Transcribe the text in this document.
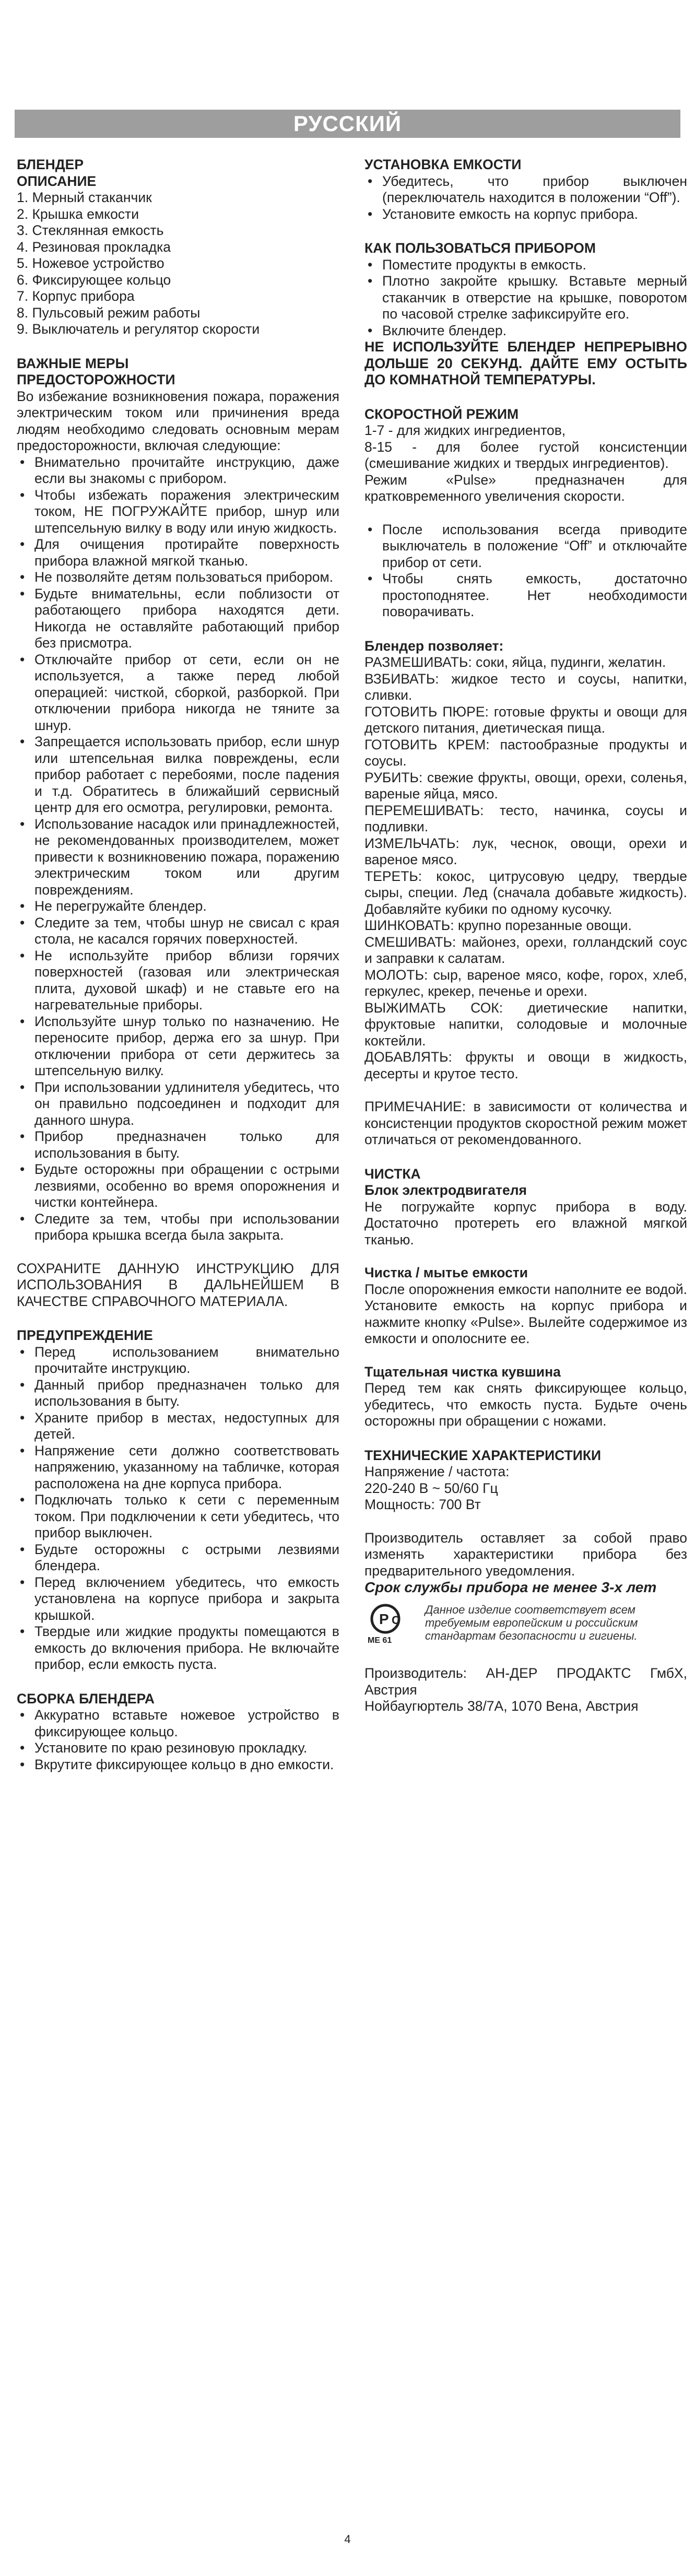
РУССКИЙ

БЛЕНДЕР

ОПИСАНИЕ

1. Мерный стаканчик
2. Крышка емкости
3. Стеклянная емкость
4. Резиновая прокладка
5. Ножевое устройство
6. Фиксирующее кольцо
7. Корпус прибора
8. Пульсовый режим работы
9. Выключатель и регулятор скорости

ВАЖНЫЕ МЕРЫ

ПРЕДОСТОРОЖНОСТИ

Во избежание возникновения пожара, поражения электрическим током или причинения вреда людям необходимо следовать основным мерам предосторожности, включая следующие:

• Внимательно прочитайте инструкцию, даже если вы знакомы с прибором.
• Чтобы избежать поражения электрическим током, НЕ ПОГРУЖАЙТЕ прибор, шнур или штепсельную вилку в воду или иную жидкость.
• Для очищения протирайте поверхность прибора влажной мягкой тканью.
• Не позволяйте детям пользоваться прибором.
• Будьте внимательны, если поблизости от работающего прибора находятся дети. Никогда не оставляйте работающий прибор без присмотра.
• Отключайте прибор от сети, если он не используется, а также перед любой операцией: чисткой, сборкой, разборкой. При отключении прибора никогда не тяните за шнур.
• Запрещается использовать прибор, если шнур или штепсельная вилка повреждены, если прибор работает с перебоями, после падения и т.д. Обратитесь в ближайший сервисный центр для его осмотра, регулировки, ремонта.
• Использование насадок или принадлежностей, не рекомендованных производителем, может привести к возникновению пожара, поражению электрическим током или другим повреждениям.
• Не перегружайте блендер.
• Следите за тем, чтобы шнур не свисал с края стола, не касался горячих поверхностей.
• Не используйте прибор вблизи горячих поверхностей (газовая или электрическая плита, духовой шкаф) и не ставьте его на нагревательные приборы.
• Используйте шнур только по назначению. Не переносите прибор, держа его за шнур. При отключении прибора от сети держитесь за штепсельную вилку.
• При использовании удлинителя убедитесь, что он правильно подсоединен и подходит для данного шнура.
• Прибор предназначен только для использования в быту.
• Будьте осторожны при обращении с острыми лезвиями, особенно во время опорожнения и чистки контейнера.
• Следите за тем, чтобы при использовании прибора крышка всегда была закрыта.

СОХРАНИТЕ ДАННУЮ ИНСТРУКЦИЮ ДЛЯ ИСПОЛЬЗОВАНИЯ В ДАЛЬНЕЙШЕМ В КАЧЕСТВЕ СПРАВОЧНОГО МАТЕРИАЛА.

ПРЕДУПРЕЖДЕНИЕ

• Перед использованием внимательно прочитайте инструкцию.
• Данный прибор предназначен только для использования в быту.
• Храните прибор в местах, недоступных для детей.
• Напряжение сети должно соответствовать напряжению, указанному на табличке, которая расположена на дне корпуса прибора.
• Подключать только к сети с переменным током. При подключении к сети убедитесь, что прибор выключен.
• Будьте осторожны с острыми лезвиями блендера.
• Перед включением убедитесь, что емкость установлена на корпусе прибора и закрыта крышкой.
• Твердые или жидкие продукты помещаются в емкость до включения прибора. Не включайте прибор, если емкость пуста.

СБОРКА БЛЕНДЕРА

• Аккуратно вставьте ножевое устройство в фиксирующее кольцо.
• Установите по краю резиновую прокладку.
• Вкрутите фиксирующее кольцо в дно емкости.

УСТАНОВКА ЕМКОСТИ

• Убедитесь, что прибор выключен (переключатель находится в положении “Off”).
• Установите емкость на корпус прибора.

КАК ПОЛЬЗОВАТЬСЯ ПРИБОРОМ

• Поместите продукты в емкость.
• Плотно закройте крышку. Вставьте мерный стаканчик в отверстие на крышке, поворотом по часовой стрелке зафиксируйте его.
• Включите блендер.

НЕ ИСПОЛЬЗУЙТЕ БЛЕНДЕР НЕПРЕРЫВНО ДОЛЬШЕ 20 СЕКУНД. ДАЙТЕ ЕМУ ОСТЫТЬ ДО КОМНАТНОЙ ТЕМПЕРАТУРЫ.

СКОРОСТНОЙ РЕЖИМ

1-7 - для жидких ингредиентов,

8-15 - для более густой консистенции (смешивание жидких и твердых ингредиентов).

Режим «Pulse» предназначен для кратковременного увеличения скорости.

• После использования всегда приводите выключатель в положение “Off” и отключайте прибор от сети.
• Чтобы снять емкость, достаточно простоподнятее. Нет необходимости поворачивать.

Блендер позволяет:

РАЗМЕШИВАТЬ: соки, яйца, пудинги, желатин.

ВЗБИВАТЬ: жидкое тесто и соусы, напитки, сливки.

ГОТОВИТЬ ПЮРЕ: готовые фрукты и овощи для детского питания, диетическая пища.

ГОТОВИТЬ КРЕМ: пастообразные продукты и соусы.

РУБИТЬ: свежие фрукты, овощи, орехи, соленья, вареные яйца, мясо.

ПЕРЕМЕШИВАТЬ: тесто, начинка, соусы и подливки.

ИЗМЕЛЬЧАТЬ: лук, чеснок, овощи, орехи и вареное мясо.

ТЕРЕТЬ: кокос, цитрусовую цедру, твердые сыры, специи. Лед (сначала добавьте жидкость). Добавляйте кубики по одному кусочку.

ШИНКОВАТЬ: крупно порезанные овощи.

СМЕШИВАТЬ: майонез, орехи, голландский соус и заправки к салатам.

МОЛОТЬ: сыр, вареное мясо, кофе, горох, хлеб, геркулес, крекер, печенье и орехи.

ВЫЖИМАТЬ СОК: диетические напитки, фруктовые напитки, солодовые и молочные коктейли.

ДОБАВЛЯТЬ: фрукты и овощи в жидкость, десерты и крутое тесто.

ПРИМЕЧАНИЕ: в зависимости от количества и консистенции продуктов скоростной режим может отличаться от рекомендованного.

ЧИСТКА

Блок электродвигателя

Не погружайте корпус прибора в воду. Достаточно протереть его влажной мягкой тканью.

Чистка / мытье емкости

После опорожнения емкости наполните ее водой. Установите емкость на корпус прибора и нажмите кнопку «Pulse». Вылейте содержимое из емкости и ополосните ее.

Тщательная чистка кувшина

Перед тем как снять фиксирующее кольцо, убедитесь, что емкость пуста. Будьте очень осторожны при обращении с ножами.

ТЕХНИЧЕСКИЕ ХАРАКТЕРИСТИКИ

Напряжение / частота:

220-240 В ~ 50/60 Гц

Мощность: 700 Вт

Производитель оставляет за собой право изменять характеристики прибора без предварительного уведомления.

Срок службы прибора не менее 3-х лет

Р С
МЕ 61
Данное изделие соответствует всем требуемым европейским и российским стандартам безопасности и гигиены.

Производитель: АН-ДЕР ПРОДАКТС ГмбХ, Австрия

Нойбаугюртель 38/7А, 1070 Вена, Австрия

4
